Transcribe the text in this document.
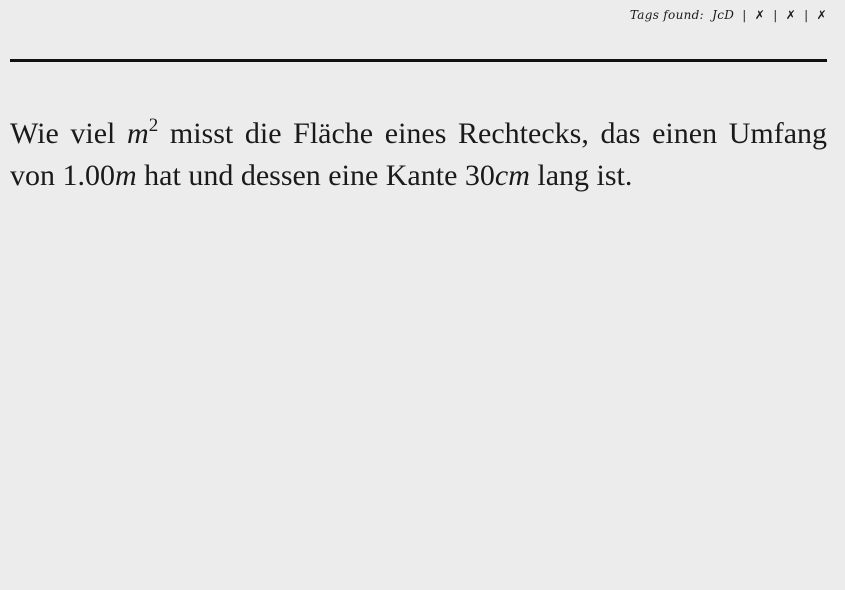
Tags found: JcD | ✗ | ✗ | ✗
Wie viel $m^2$ misst die Fläche eines Rechtecks, das einen Umfang von 1.00m hat und dessen eine Kante 30cm lang ist.
